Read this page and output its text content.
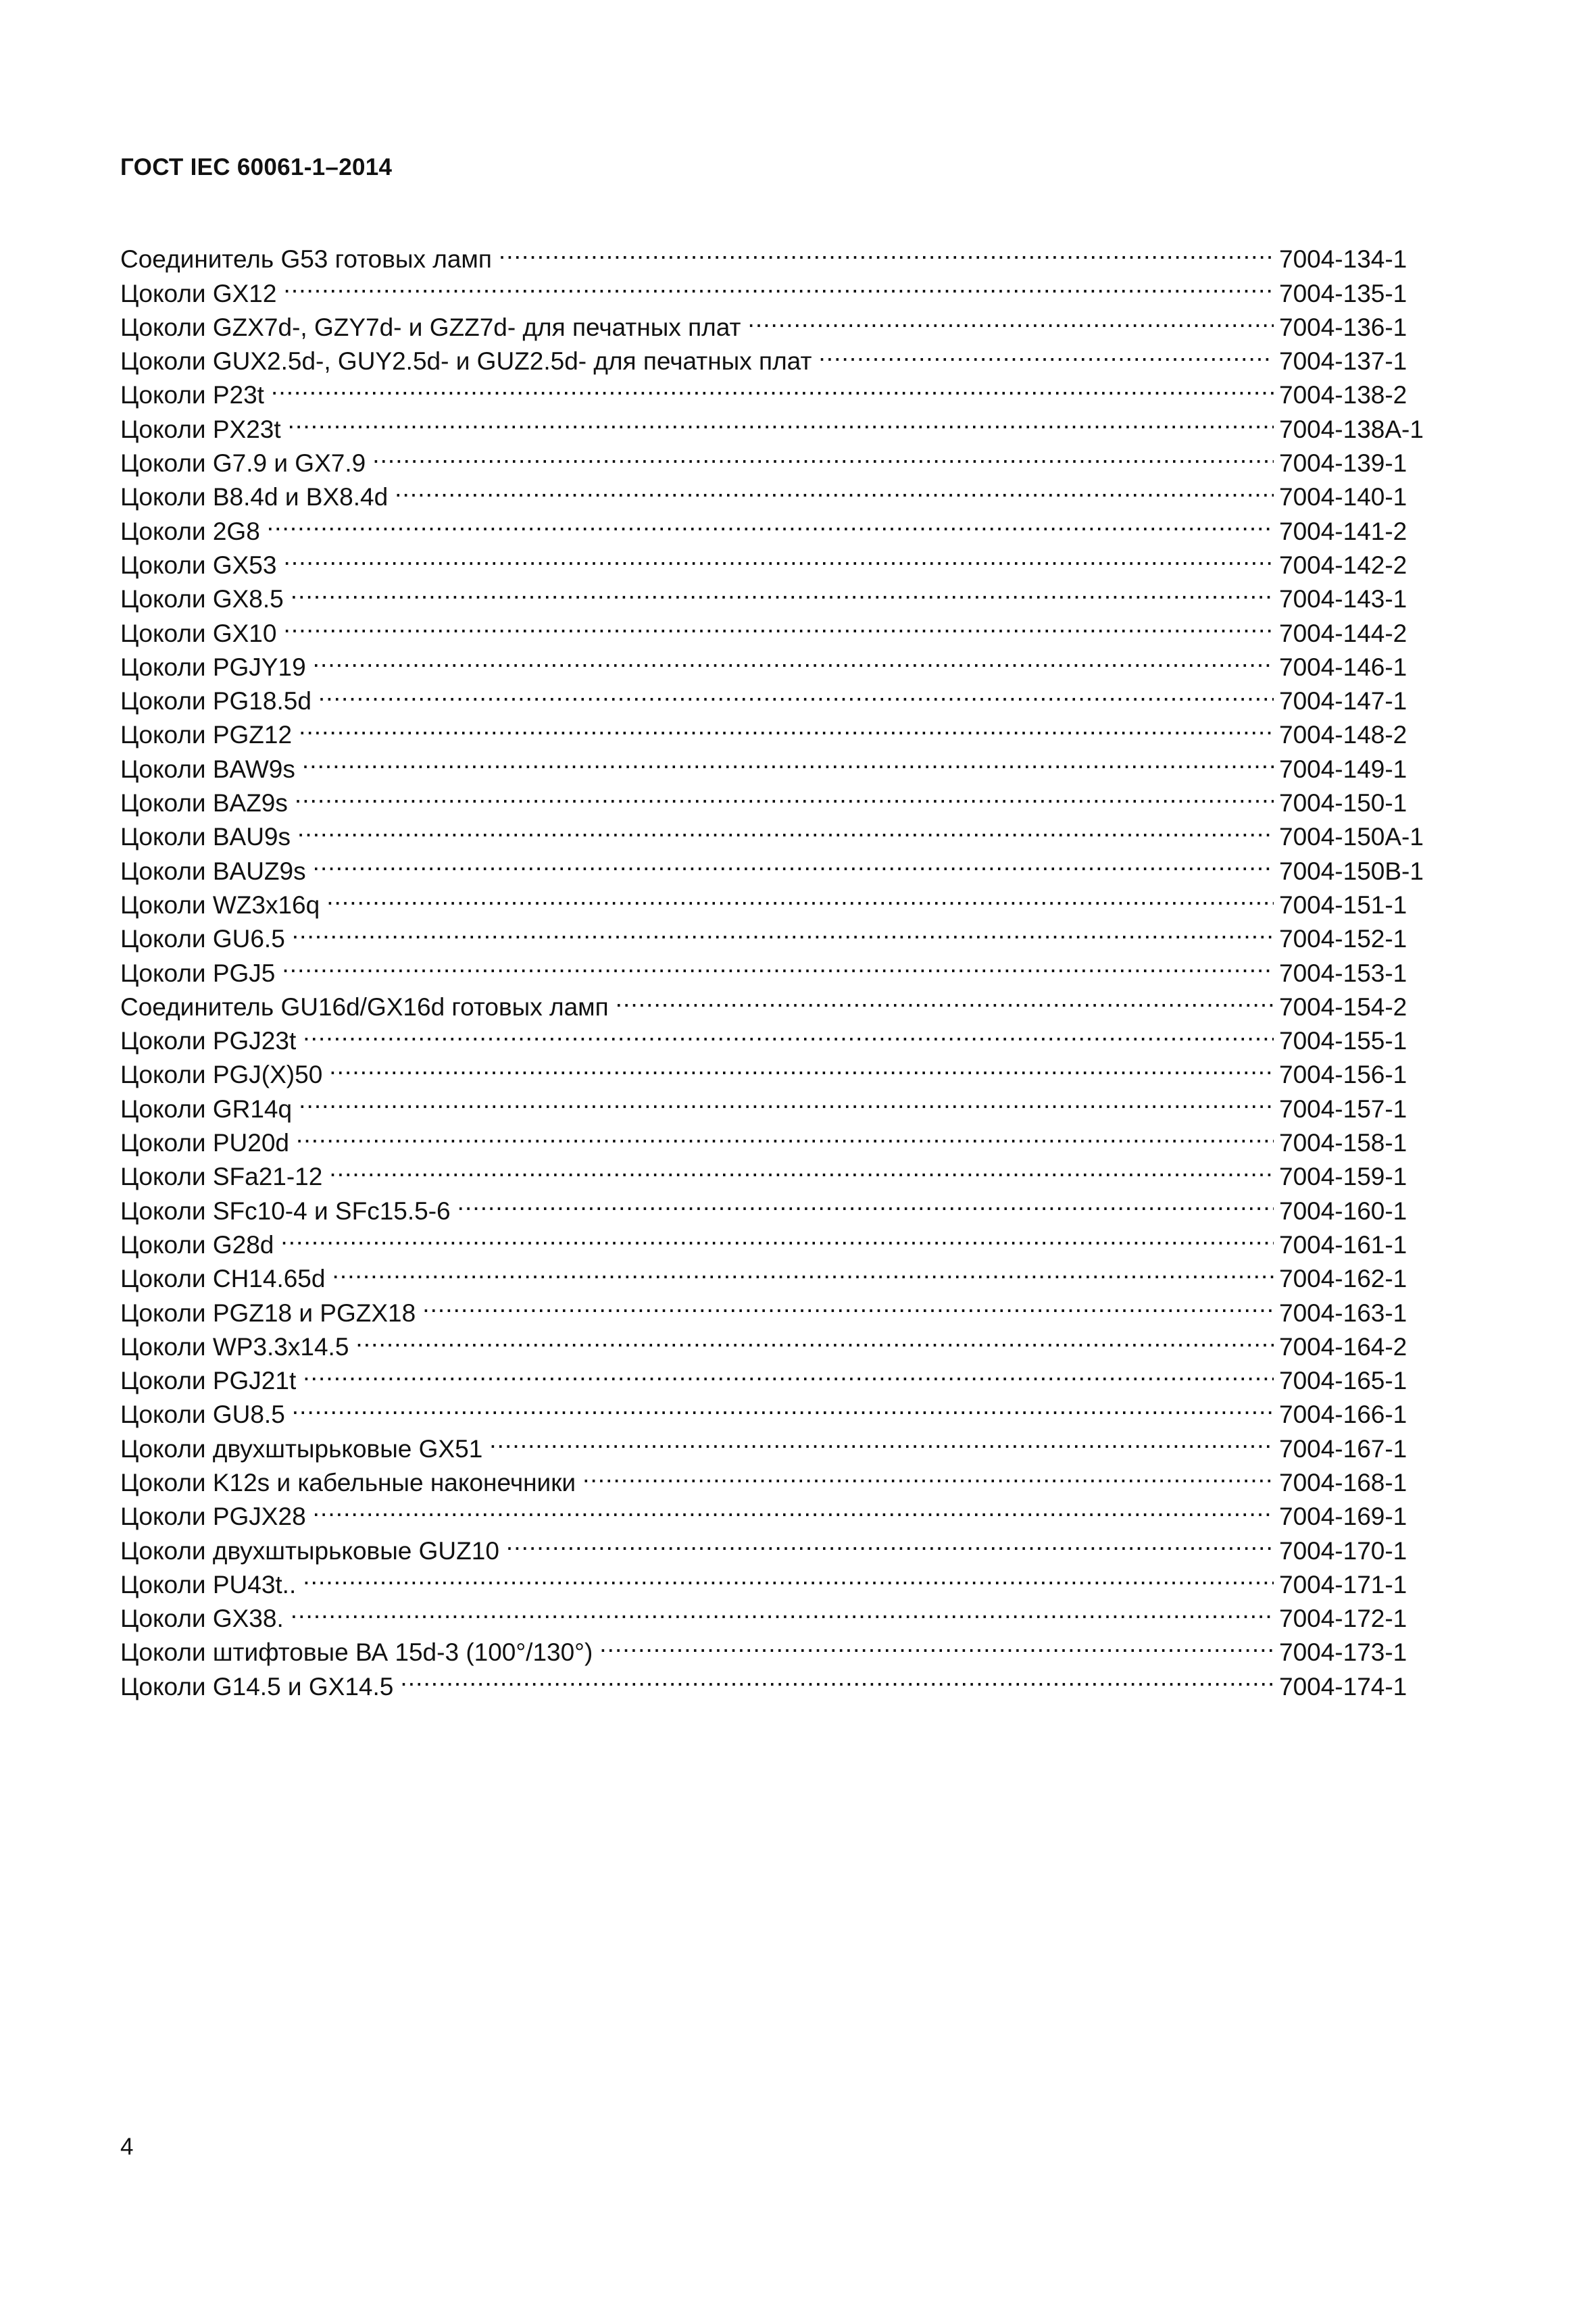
ГОСТ IEC 60061-1–2014
Соединитель G53 готовых ламп . . .	7004-134-1
Цоколи GX12 . . .	7004-135-1
Цоколи GZX7d-, GZY7d- и GZZ7d- для печатных плат . . .	7004-136-1
Цоколи GUX2.5d-, GUY2.5d- и GUZ2.5d- для печатных плат . . .	7004-137-1
Цоколи P23t . . .	7004-138-2
Цоколи PX23t . . .	7004-138A-1
Цоколи G7.9 и GX7.9 . . .	7004-139-1
Цоколи B8.4d и BX8.4d . . .	7004-140-1
Цоколи 2G8 . . .	7004-141-2
Цоколи GX53 . . .	7004-142-2
Цоколи GX8.5 . . .	7004-143-1
Цоколи GX10 . . .	7004-144-2
Цоколи PGJY19 . . .	7004-146-1
Цоколи PG18.5d . . .	7004-147-1
Цоколи PGZ12 . . .	7004-148-2
Цоколи BAW9s . . .	7004-149-1
Цоколи BAZ9s . . .	7004-150-1
Цоколи BAU9s . . .	7004-150A-1
Цоколи BAUZ9s . . .	7004-150B-1
Цоколи WZ3x16q . . .	7004-151-1
Цоколи GU6.5 . . .	7004-152-1
Цоколи PGJ5 . . .	7004-153-1
Соединитель GU16d/GX16d готовых ламп . . .	7004-154-2
Цоколи PGJ23t . . .	7004-155-1
Цоколи PGJ(X)50 . . .	7004-156-1
Цоколи GR14q . . .	7004-157-1
Цоколи PU20d . . .	7004-158-1
Цоколи SFa21-12 . . .	7004-159-1
Цоколи SFc10-4 и SFc15.5-6 . . .	7004-160-1
Цоколи G28d . . .	7004-161-1
Цоколи CH14.65d . . .	7004-162-1
Цоколи PGZ18 и PGZX18 . . .	7004-163-1
Цоколи WP3.3x14.5 . . .	7004-164-2
Цоколи PGJ21t . . .	7004-165-1
Цоколи GU8.5 . . .	7004-166-1
Цоколи двухштырьковые GX51 . . .	7004-167-1
Цоколи K12s и кабельные наконечники . . .	7004-168-1
Цоколи PGJX28 . . .	7004-169-1
Цоколи двухштырьковые GUZ10 . . .	7004-170-1
Цоколи PU43t.. . . .	7004-171-1
Цоколи GX38. . . .	7004-172-1
Цоколи штифтовые ВА 15d-3 (100°/130°) . . .	7004-173-1
Цоколи G14.5 и GX14.5 . . .	7004-174-1
4
